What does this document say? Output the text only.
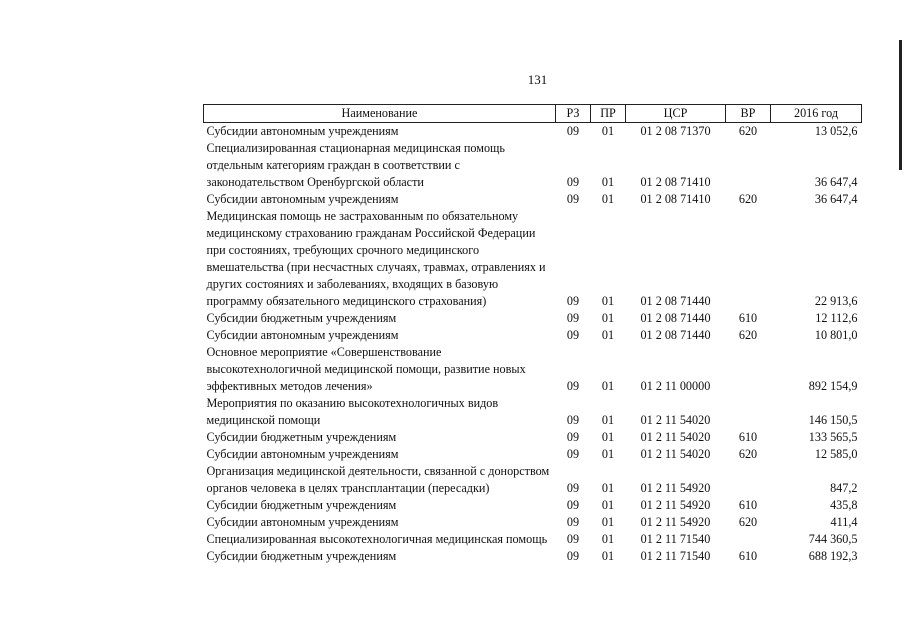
131
Наименование	РЗ	ПР	ЦСР	ВР	2016 год
Субсидии автономным учреждениям	09	01	01 2 08 71370	620	13 052,6
Специализированная стационарная медицинская помощь отдельным категориям граждан в соответствии с законодательством Оренбургской области	09	01	01 2 08 71410		36 647,4
Субсидии автономным учреждениям	09	01	01 2 08 71410	620	36 647,4
Медицинская помощь не застрахованным по обязательному медицинскому страхованию гражданам Российской Федерации при состояниях, требующих срочного медицинского вмешательства (при несчастных случаях, травмах, отравлениях и других состояниях и заболеваниях, входящих в базовую программу обязательного медицинского страхования)	09	01	01 2 08 71440		22 913,6
Субсидии бюджетным учреждениям	09	01	01 2 08 71440	610	12 112,6
Субсидии автономным учреждениям	09	01	01 2 08 71440	620	10 801,0
Основное мероприятие «Совершенствование высокотехнологичной медицинской помощи, развитие новых эффективных методов лечения»	09	01	01 2 11 00000		892 154,9
Мероприятия по оказанию высокотехнологичных видов медицинской помощи	09	01	01 2 11 54020		146 150,5
Субсидии бюджетным учреждениям	09	01	01 2 11 54020	610	133 565,5
Субсидии автономным учреждениям	09	01	01 2 11 54020	620	12 585,0
Организация медицинской деятельности, связанной с донорством органов человека в целях трансплантации (пересадки)	09	01	01 2 11 54920		847,2
Субсидии бюджетным учреждениям	09	01	01 2 11 54920	610	435,8
Субсидии автономным учреждениям	09	01	01 2 11 54920	620	411,4
Специализированная высокотехнологичная медицинская помощь	09	01	01 2 11 71540		744 360,5
Субсидии бюджетным учреждениям	09	01	01 2 11 71540	610	688 192,3
